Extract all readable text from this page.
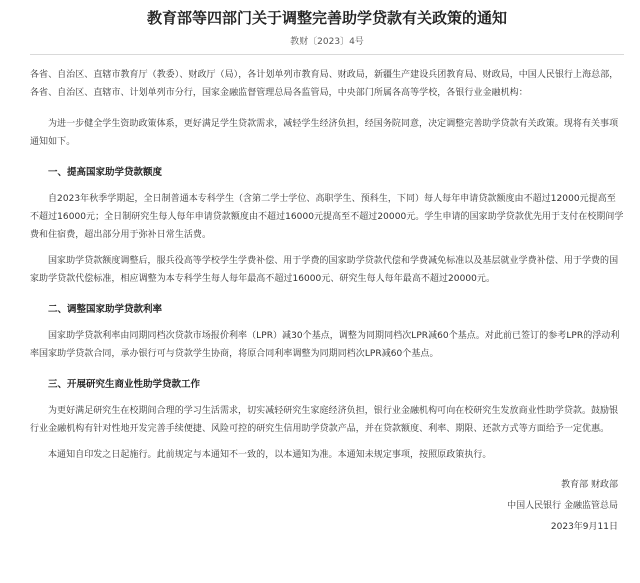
教育部等四部门关于调整完善助学贷款有关政策的通知
教财〔2023〕4号

各省、自治区、直辖市教育厅（教委）、财政厅（局），各计划单列市教育局、财政局，新疆生产建设兵团教育局、财政局，中国人民银行上海总部，各省、自治区、直辖市、计划单列市分行，国家金融监督管理总局各监管局，中央部门所属各高等学校，各银行业金融机构：

为进一步健全学生资助政策体系，更好满足学生贷款需求，减轻学生经济负担，经国务院同意，决定调整完善助学贷款有关政策。现将有关事项通知如下。

一、提高国家助学贷款额度

自2023年秋季学期起，全日制普通本专科学生（含第二学士学位、高职学生、预科生，下同）每人每年申请贷款额度由不超过12000元提高至不超过16000元；全日制研究生每人每年申请贷款额度由不超过16000元提高至不超过20000元。学生申请的国家助学贷款优先用于支付在校期间学费和住宿费，超出部分用于弥补日常生活费。

国家助学贷款额度调整后，服兵役高等学校学生学费补偿、用于学费的国家助学贷款代偿和学费减免标准以及基层就业学费补偿、用于学费的国家助学贷款代偿标准，相应调整为本专科学生每人每年最高不超过16000元、研究生每人每年最高不超过20000元。

二、调整国家助学贷款利率

国家助学贷款利率由同期同档次贷款市场报价利率（LPR）减30个基点，调整为同期同档次LPR减60个基点。对此前已签订的参考LPR的浮动利率国家助学贷款合同，承办银行可与贷款学生协商，将原合同利率调整为同期同档次LPR减60个基点。

三、开展研究生商业性助学贷款工作

为更好满足研究生在校期间合理的学习生活需求，切实减轻研究生家庭经济负担，银行业金融机构可向在校研究生发放商业性助学贷款。鼓励银行业金融机构有针对性地开发完善手续便捷、风险可控的研究生信用助学贷款产品，并在贷款额度、利率、期限、还款方式等方面给予一定优惠。

本通知自印发之日起施行。此前规定与本通知不一致的，以本通知为准。本通知未规定事项，按照原政策执行。

教育部 财政部
中国人民银行 金融监管总局
2023年9月11日
